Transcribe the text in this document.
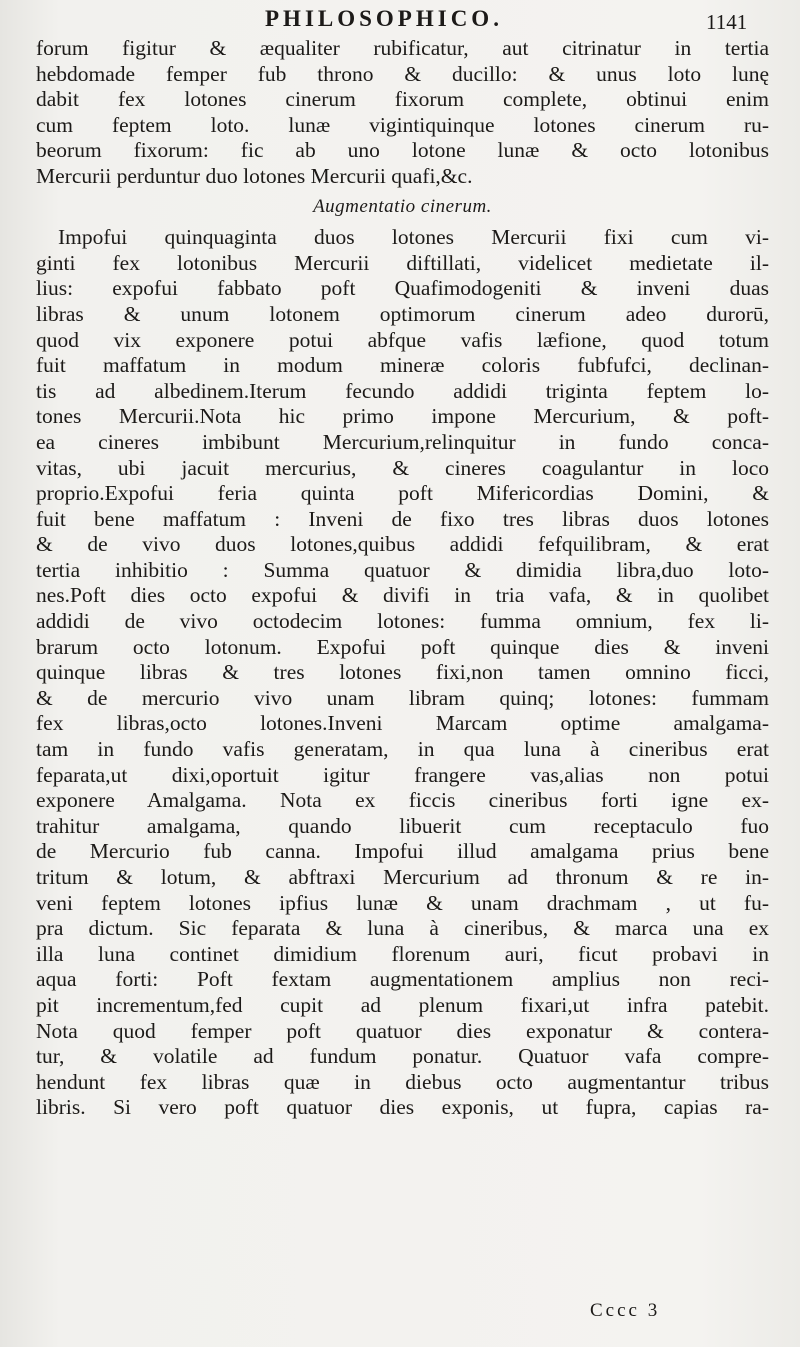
PHILOSOPHICO.	1141
forum figitur & æqualiter rubificatur, aut citrinatur in tertia
hebdomade femper fub throno & ducillo: & unus loto lunę
dabit fex lotones cinerum fixorum complete, obtinui enim
cum feptem loto. lunæ vigintiquinque lotones cinerum ru-
beorum fixorum: fic ab uno lotone lunæ & octo lotonibus
Mercurii perduntur duo lotones Mercurii quafi,&c.
Augmentatio cinerum.
Impofui quinquaginta duos lotones Mercurii fixi cum vi-
ginti fex lotonibus Mercurii diftillati, videlicet medietate il-
lius: expofui fabbato poft Quafimodogeniti & inveni duas
libras & unum lotonem optimorum cinerum adeo durorū,
quod vix exponere potui abfque vafis læfione, quod totum
fuit maffatum in modum mineræ coloris fubfufci, declinan-
tis ad albedinem.Iterum fecundo addidi triginta feptem lo-
tones Mercurii.Nota hic primo impone Mercurium, & poft-
ea cineres imbibunt Mercurium,relinquitur in fundo conca-
vitas, ubi jacuit mercurius, & cineres coagulantur in loco
proprio.Expofui feria quinta poft Mifericordias Domini, &
fuit bene maffatum : Inveni de fixo tres libras duos lotones
& de vivo duos lotones,quibus addidi fefquilibram, & erat
tertia inhibitio : Summa quatuor & dimidia libra,duo loto-
nes.Poft dies octo expofui & divifi in tria vafa, & in quolibet
addidi de vivo octodecim lotones: fumma omnium, fex li-
brarum octo lotonum. Expofui poft quinque dies & inveni
quinque libras & tres lotones fixi,non tamen omnino ficci,
& de mercurio vivo unam libram quinq; lotones: fummam
fex libras,octo lotones.Inveni Marcam optime amalgama-
tam in fundo vafis generatam, in qua luna à cineribus erat
feparata,ut dixi,oportuit igitur frangere vas,alias non potui
exponere Amalgama. Nota ex ficcis cineribus forti igne ex-
trahitur amalgama, quando libuerit cum receptaculo fuo
de Mercurio fub canna. Impofui illud amalgama prius bene
tritum & lotum, & abftraxi Mercurium ad thronum & re in-
veni feptem lotones ipfius lunæ & unam drachmam , ut fu-
pra dictum. Sic feparata & luna à cineribus, & marca una ex
illa luna continet dimidium florenum auri, ficut probavi in
aqua forti: Poft fextam augmentationem amplius non reci-
pit incrementum,fed cupit ad plenum fixari,ut infra patebit.
Nota quod femper poft quatuor dies exponatur & contera-
tur, & volatile ad fundum ponatur. Quatuor vafa compre-
hendunt fex libras quæ in diebus octo augmentantur tribus
libris. Si vero poft quatuor dies exponis, ut fupra, capias ra-
Cccc 3
